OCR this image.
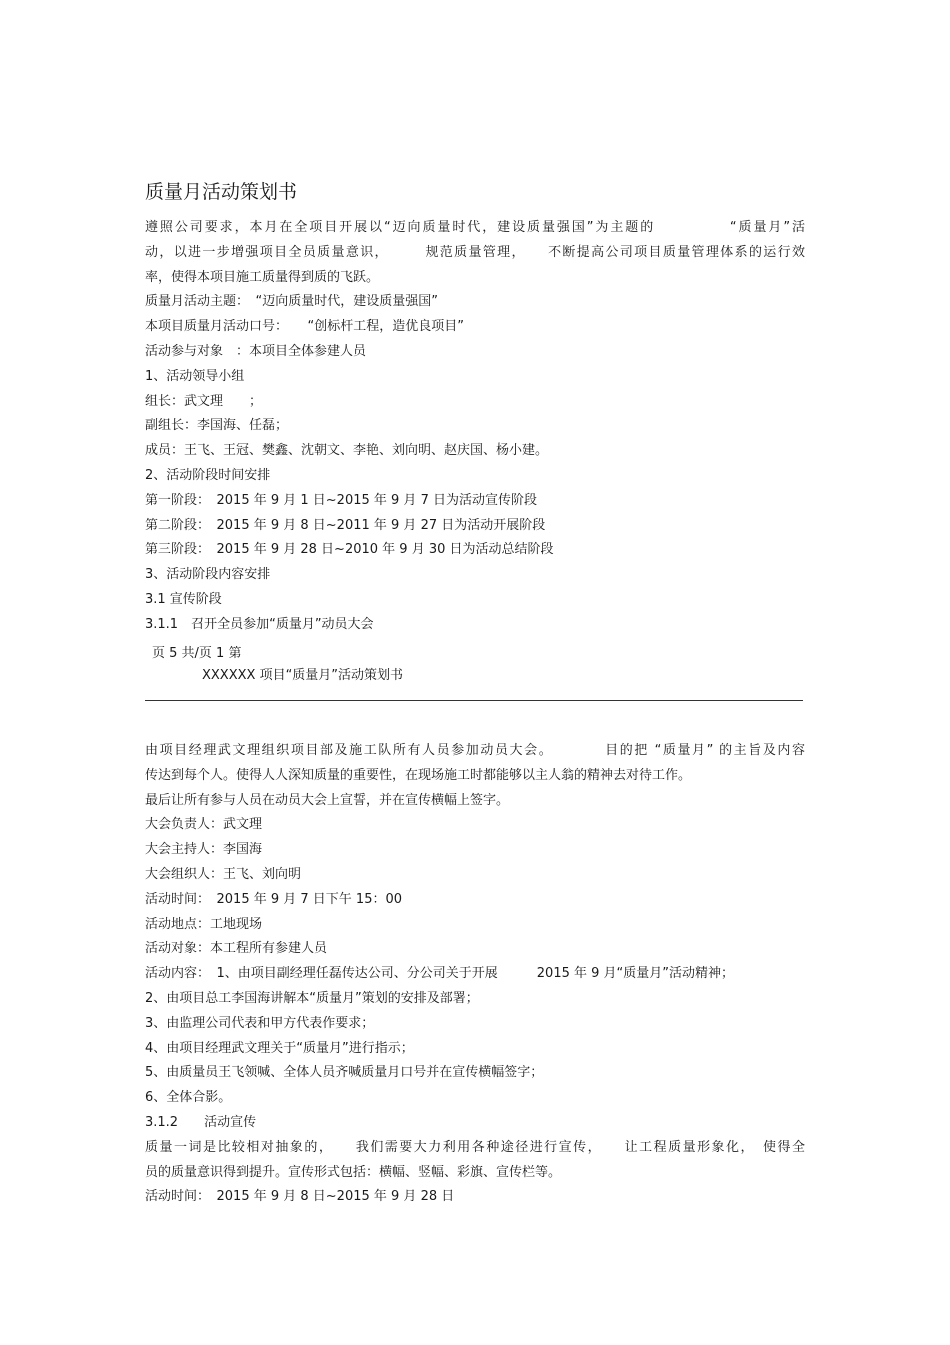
质量月活动策划书
遵照公司要求，本月在全项目开展以“迈向质量时代，建设质量强国”为主题的　　　　　“质量月”活
动，以进一步增强项目全员质量意识，　　　规范质量管理，　　不断提高公司项目质量管理体系的运行效
率，使得本项目施工质量得到质的飞跃。
质量月活动主题：　“迈向质量时代，建设质量强国”
本项目质量月活动口号：　　“创标杆工程，造优良项目”
活动参与对象　：本项目全体参建人员
1、活动领导小组
组长：武文理　　；
副组长：李国海、任磊；
成员：王飞、王冠、樊鑫、沈朝文、李艳、刘向明、赵庆国、杨小建。
2、活动阶段时间安排
第一阶段：　2015 年 9 月 1 日~2015 年 9 月 7 日为活动宣传阶段
第二阶段：　2015 年 9 月 8 日~2011 年 9 月 27 日为活动开展阶段
第三阶段：　2015 年 9 月 28 日~2010 年 9 月 30 日为活动总结阶段
3、活动阶段内容安排
3.1 宣传阶段
3.1.1　召开全员参加“质量月”动员大会
页 5 共/页 1 第
XXXXXX 项目“质量月”活动策划书
由项目经理武文理组织项目部及施工队所有人员参加动员大会。　　　　目的把 “质量月” 的主旨及内容
传达到每个人。使得人人深知质量的重要性，在现场施工时都能够以主人翁的精神去对待工作。
最后让所有参与人员在动员大会上宣誓，并在宣传横幅上签字。
大会负责人：武文理
大会主持人：李国海
大会组织人：王飞、刘向明
活动时间：　2015 年 9 月 7 日下午 15：00
活动地点：工地现场
活动对象：本工程所有参建人员
活动内容：　1、由项目副经理任磊传达公司、分公司关于开展　　　2015 年 9 月“质量月”活动精神；
2、由项目总工李国海讲解本“质量月”策划的安排及部署；
3、由监理公司代表和甲方代表作要求；
4、由项目经理武文理关于“质量月”进行指示；
5、由质量员王飞领喊、全体人员齐喊质量月口号并在宣传横幅签字；
6、全体合影。
3.1.2　　活动宣传
质量一词是比较相对抽象的，　　我们需要大力利用各种途径进行宣传，　　让工程质量形象化，　使得全
员的质量意识得到提升。宣传形式包括：横幅、竖幅、彩旗、宣传栏等。
活动时间：　2015 年 9 月 8 日~2015 年 9 月 28 日
